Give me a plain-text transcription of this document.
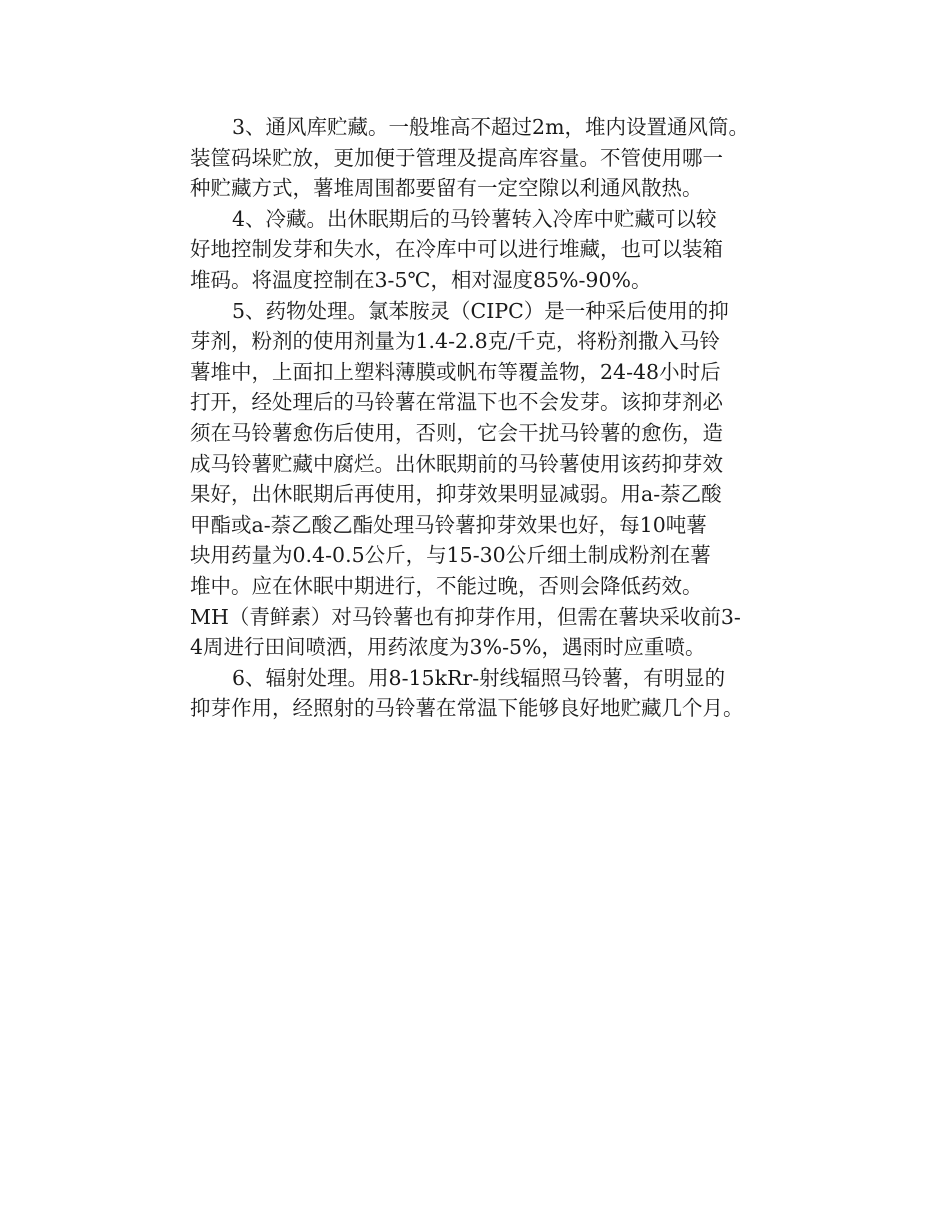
3、通风库贮藏。一般堆高不超过2m，堆内设置通风筒。
装筐码垛贮放，更加便于管理及提高库容量。不管使用哪一
种贮藏方式，薯堆周围都要留有一定空隙以利通风散热。
4、冷藏。出休眠期后的马铃薯转入冷库中贮藏可以较
好地控制发芽和失水，在冷库中可以进行堆藏，也可以装箱
堆码。将温度控制在3-5℃，相对湿度85%-90%。
5、药物处理。氯苯胺灵（CIPC）是一种采后使用的抑
芽剂，粉剂的使用剂量为1.4-2.8克/千克，将粉剂撒入马铃
薯堆中，上面扣上塑料薄膜或帆布等覆盖物，24-48小时后
打开，经处理后的马铃薯在常温下也不会发芽。该抑芽剂必
须在马铃薯愈伤后使用，否则，它会干扰马铃薯的愈伤，造
成马铃薯贮藏中腐烂。出休眠期前的马铃薯使用该药抑芽效
果好，出休眠期后再使用，抑芽效果明显减弱。用a-萘乙酸
甲酯或a-萘乙酸乙酯处理马铃薯抑芽效果也好，每10吨薯
块用药量为0.4-0.5公斤，与15-30公斤细土制成粉剂在薯
堆中。应在休眠中期进行，不能过晚，否则会降低药效。
MH（青鲜素）对马铃薯也有抑芽作用，但需在薯块采收前3-
4周进行田间喷洒，用药浓度为3%-5%，遇雨时应重喷。
6、辐射处理。用8-15kRr-射线辐照马铃薯，有明显的
抑芽作用，经照射的马铃薯在常温下能够良好地贮藏几个月。
